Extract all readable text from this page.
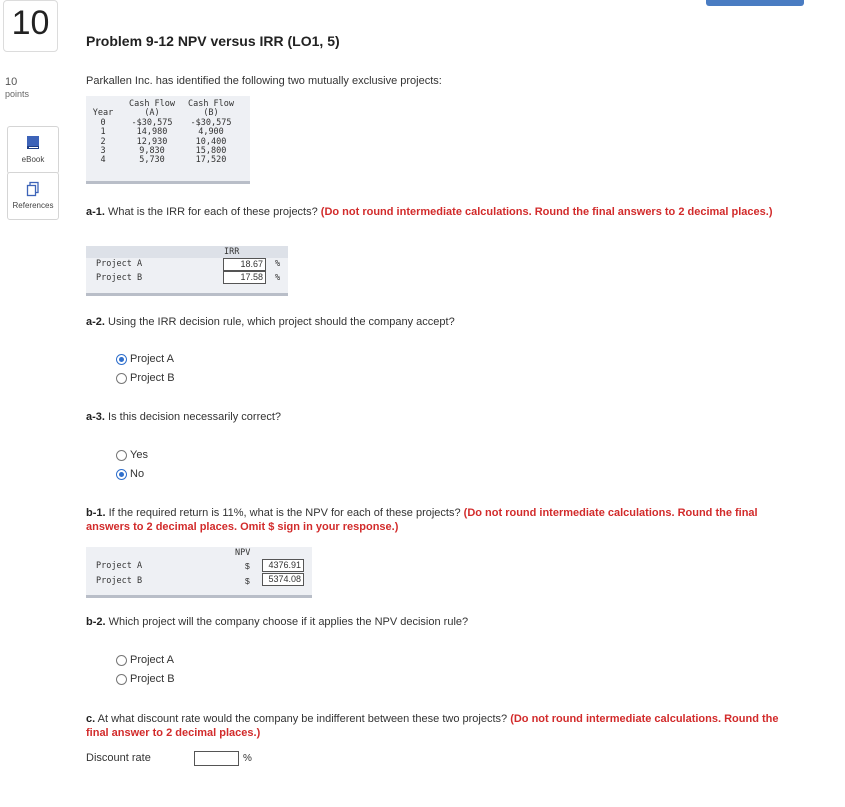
10
10
points
eBook
References
Problem 9-12 NPV versus IRR (LO1, 5)
Parkallen Inc. has identified the following two mutually exclusive projects:
	Cash Flow	Cash Flow
Year	(A)	(B)
0	-$30,575	-$30,575
1	14,980	4,900
2	12,930	10,400
3	9,830	15,800
4	5,730	17,520
a-1. What is the IRR for each of these projects? (Do not round intermediate calculations. Round the final answers to 2 decimal places.)
IRR
Project A	18.67	%
Project B	17.58	%
a-2. Using the IRR decision rule, which project should the company accept?
Project A
Project B
a-3. Is this decision necessarily correct?
Yes
No
b-1. If the required return is 11%, what is the NPV for each of these projects? (Do not round intermediate calculations. Round the final answers to 2 decimal places. Omit $ sign in your response.)
NPV
Project A	$	4376.91
Project B	$	5374.08
b-2. Which project will the company choose if it applies the NPV decision rule?
Project A
Project B
c. At what discount rate would the company be indifferent between these two projects? (Do not round intermediate calculations. Round the final answer to 2 decimal places.)
Discount rate	%
